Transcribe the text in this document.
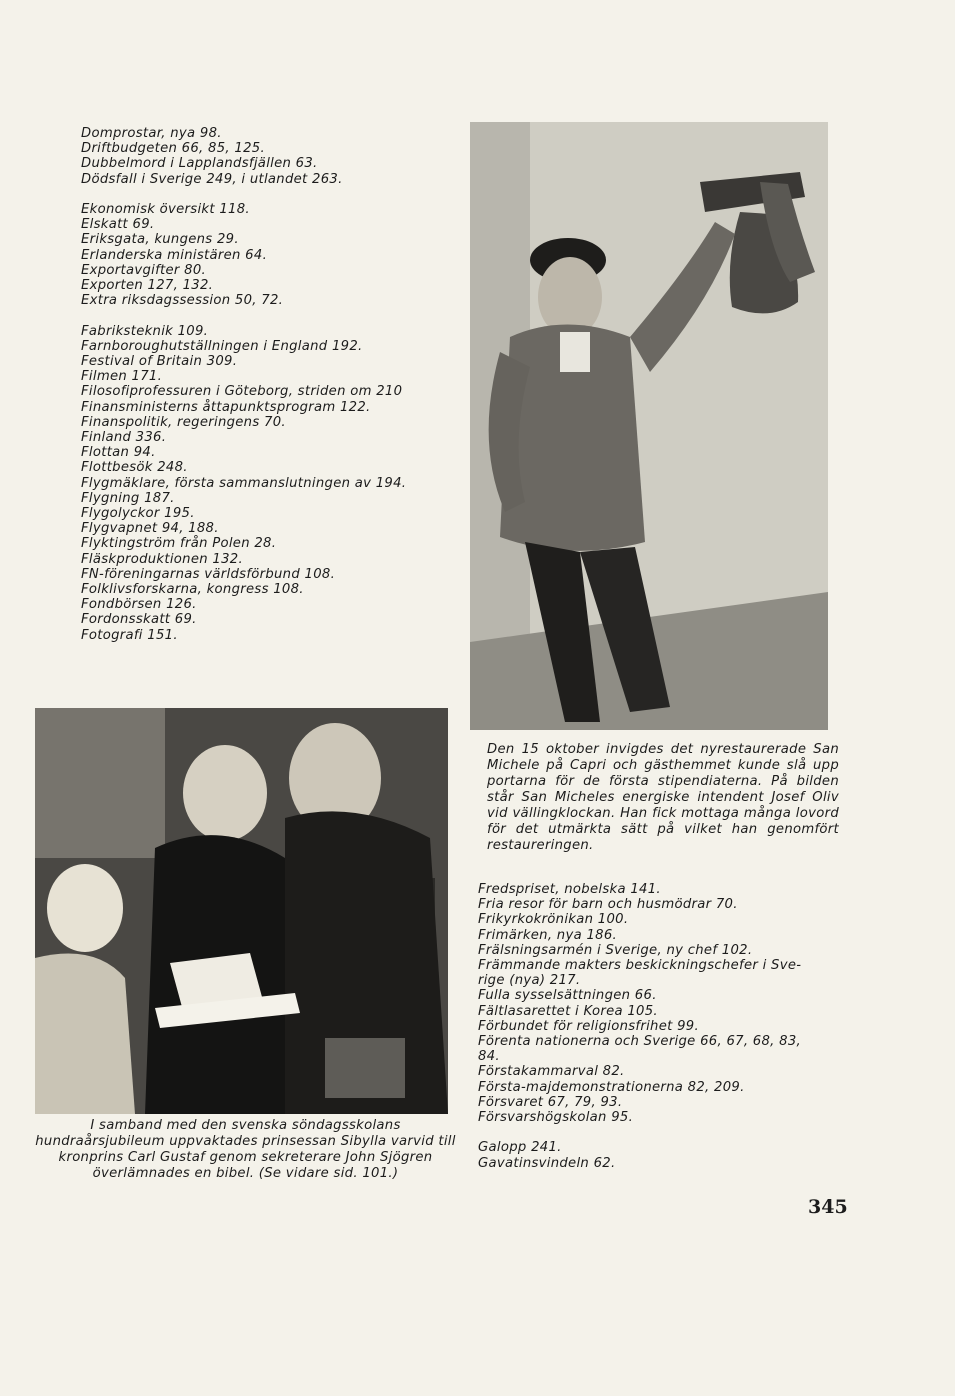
Domprostar, nya 98.
Driftbudgeten 66, 85, 125.
Dubbelmord i Lapplandsfjällen 63.
Dödsfall i Sverige 249, i utlandet 263.
Ekonomisk översikt 118.
Elskatt 69.
Eriksgata, kungens 29.
Erlanderska ministären 64.
Exportavgifter 80.
Exporten 127, 132.
Extra riksdagssession 50, 72.
Fabriksteknik 109.
Farnboroughutställningen i England 192.
Festival of Britain 309.
Filmen 171.
Filosofiprofessuren i Göteborg, striden om 210
Finansministerns åttapunktsprogram 122.
Finanspolitik, regeringens 70.
Finland 336.
Flottan 94.
Flottbesök 248.
Flygmäklare, första sammanslutningen av 194.
Flygning 187.
Flygolyckor 195.
Flygvapnet 94, 188.
Flyktingström från Polen 28.
Fläskproduktionen 132.
FN-föreningarnas världsförbund 108.
Folklivsforskarna, kongress 108.
Fondbörsen 126.
Fordonsskatt 69.
Fotografi 151.

Den 15 oktober invigdes det nyrestaurerade San Michele på Capri och gästhemmet kunde slå upp portarna för de första stipendiaterna. På bilden står San Micheles energiske intendent Josef Oliv vid vällingklockan. Han fick mottaga många lovord för det utmärkta sätt på vilket han genomfört restaureringen.

I samband med den svenska söndagsskolans hundraårsjubileum uppvaktades prinsessan Sibylla varvid till kronprins Carl Gustaf genom sekreterare John Sjögren överlämnades en bibel. (Se vidare sid. 101.)

Fredspriset, nobelska 141.
Fria resor för barn och husmödrar 70.
Frikyrkokrönikan 100.
Frimärken, nya 186.
Frälsningsarmén i Sverige, ny chef 102.
Främmande makters beskickningschefer i Sve-
rige (nya) 217.
Fulla sysselsättningen 66.
Fältlasarettet i Korea 105.
Förbundet för religionsfrihet 99.
Förenta nationerna och Sverige 66, 67, 68, 83,
84.
Förstakammarval 82.
Första-majdemonstrationerna 82, 209.
Försvaret 67, 79, 93.
Försvarshögskolan 95.
Galopp 241.
Gavatinsvindeln 62.
345
